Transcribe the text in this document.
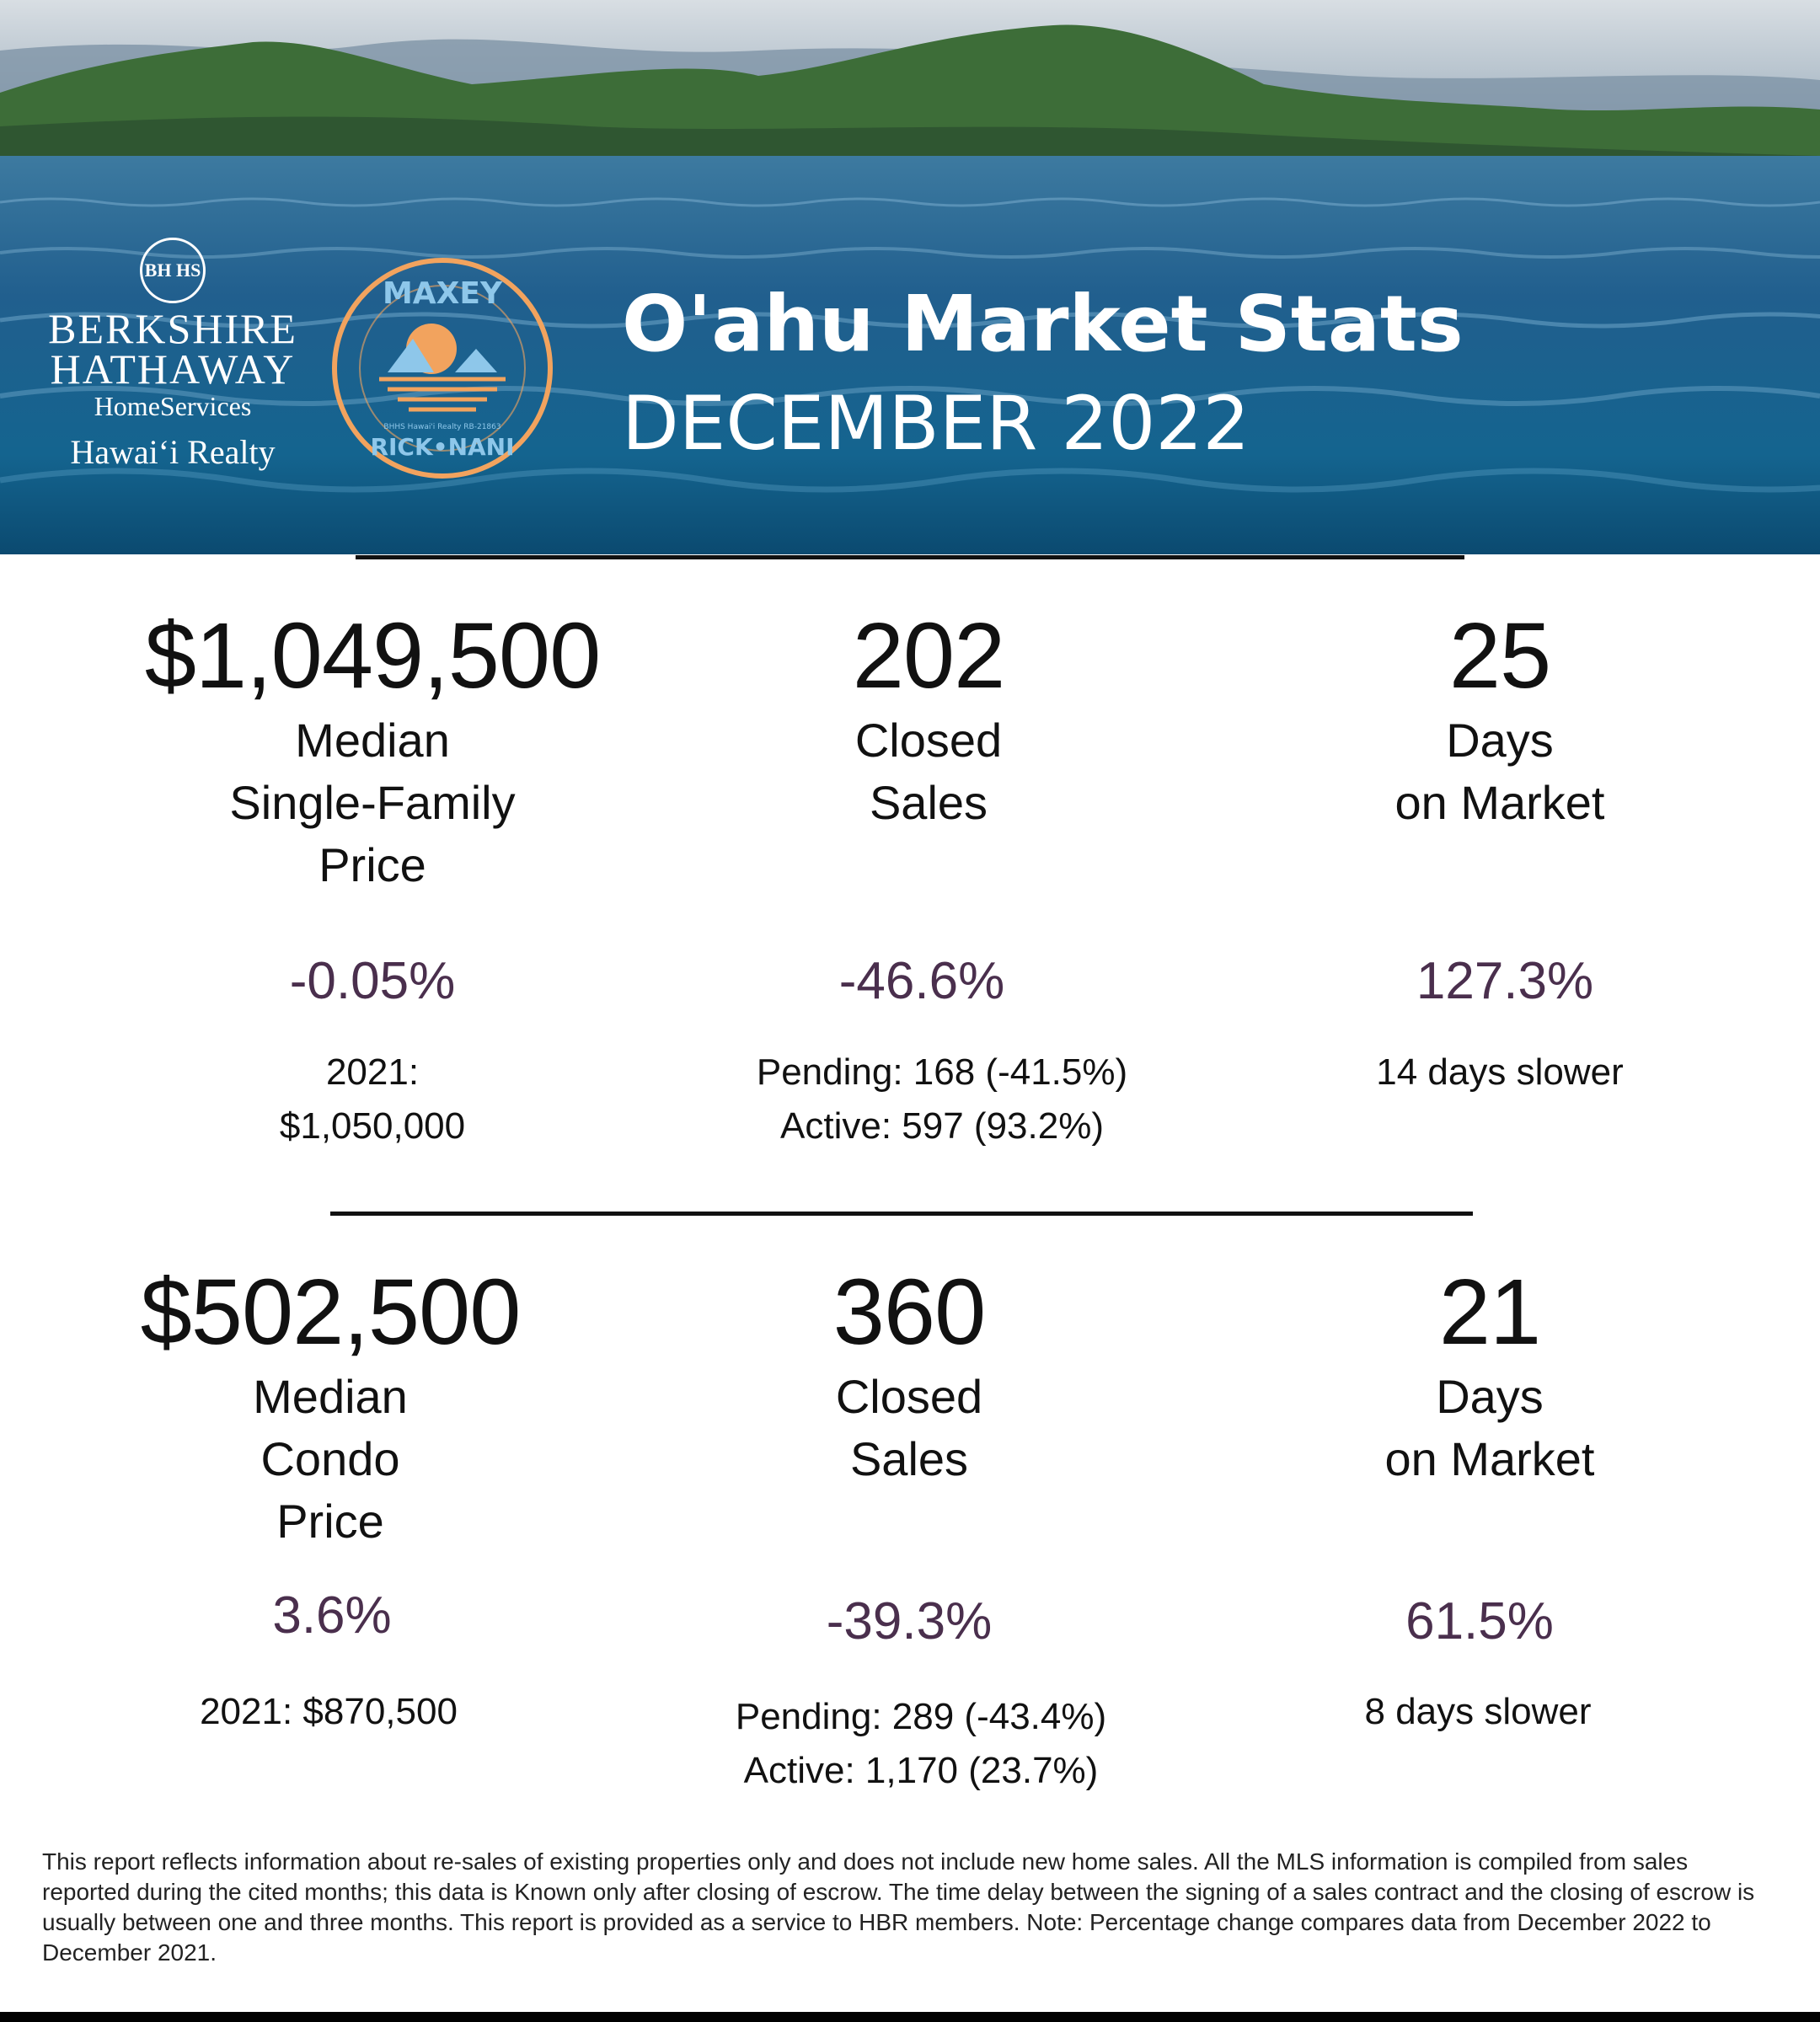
BH HS
BERKSHIRE
HATHAWAY
HomeServices
Hawaiʻi Realty
MAXEY
RICK•NANI
BHHS Hawai'i Realty RB-21863
O'ahu Market Stats
DECEMBER 2022
$1,049,500
Median
Single-Family
Price
202
Closed
Sales
25
Days
on Market
-0.05%	-46.6%	127.3%
2021:
$1,050,000
Pending: 168 (-41.5%)
Active: 597 (93.2%)
14 days slower
$502,500
Median
Condo
Price
360
Closed
Sales
21
Days
on Market
3.6%	-39.3%	61.5%
2021: $870,500	Pending: 289 (-43.4%)
Active: 1,170 (23.7%)
8 days slower
This report reflects information about re-sales of existing properties only and does not include new home sales. All the MLS information is compiled from sales reported during the cited months; this data is Known only after closing of escrow. The time delay between the signing of a sales contract and the closing of escrow is usually between one and three months. This report is provided as a service to HBR members. Note: Percentage change compares data from December 2022 to December 2021.
